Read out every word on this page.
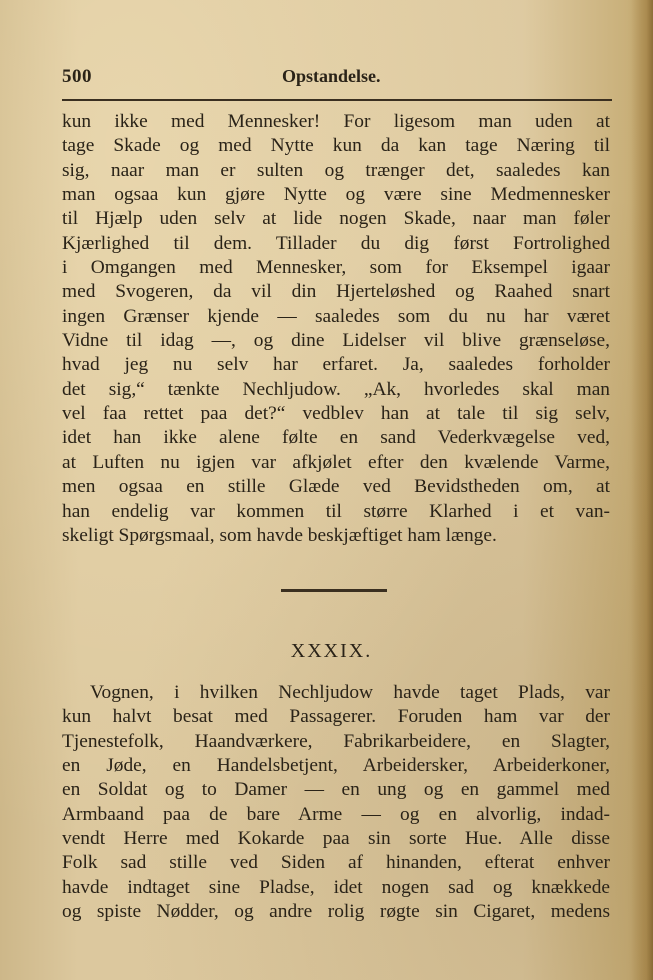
500	Opstandelse.
kun ikke med Mennesker! For ligesom man uden at
tage Skade og med Nytte kun da kan tage Næring til
sig, naar man er sulten og trænger det, saaledes kan
man ogsaa kun gjøre Nytte og være sine Medmennesker
til Hjælp uden selv at lide nogen Skade, naar man føler
Kjærlighed til dem. Tillader du dig først Fortrolighed
i Omgangen med Mennesker, som for Eksempel igaar
med Svogeren, da vil din Hjerteløshed og Raahed snart
ingen Grænser kjende — saaledes som du nu har været
Vidne til idag —, og dine Lidelser vil blive grænseløse,
hvad jeg nu selv har erfaret. Ja, saaledes forholder
det sig,“ tænkte Nechljudow. „Ak, hvorledes skal man
vel faa rettet paa det?“ vedblev han at tale til sig selv,
idet han ikke alene følte en sand Vederkvægelse ved,
at Luften nu igjen var afkjølet efter den kvælende Varme,
men ogsaa en stille Glæde ved Bevidstheden om, at
han endelig var kommen til større Klarhed i et van-
skeligt Spørgsmaal, som havde beskjæftiget ham længe.
XXXIX.
Vognen, i hvilken Nechljudow havde taget Plads, var
kun halvt besat med Passagerer. Foruden ham var der
Tjenestefolk, Haandværkere, Fabrikarbeidere, en Slagter,
en Jøde, en Handelsbetjent, Arbeidersker, Arbeiderkoner,
en Soldat og to Damer — en ung og en gammel med
Armbaand paa de bare Arme — og en alvorlig, indad-
vendt Herre med Kokarde paa sin sorte Hue. Alle disse
Folk sad stille ved Siden af hinanden, efterat enhver
havde indtaget sine Pladse, idet nogen sad og knækkede
og spiste Nødder, og andre rolig røgte sin Cigaret, medens
